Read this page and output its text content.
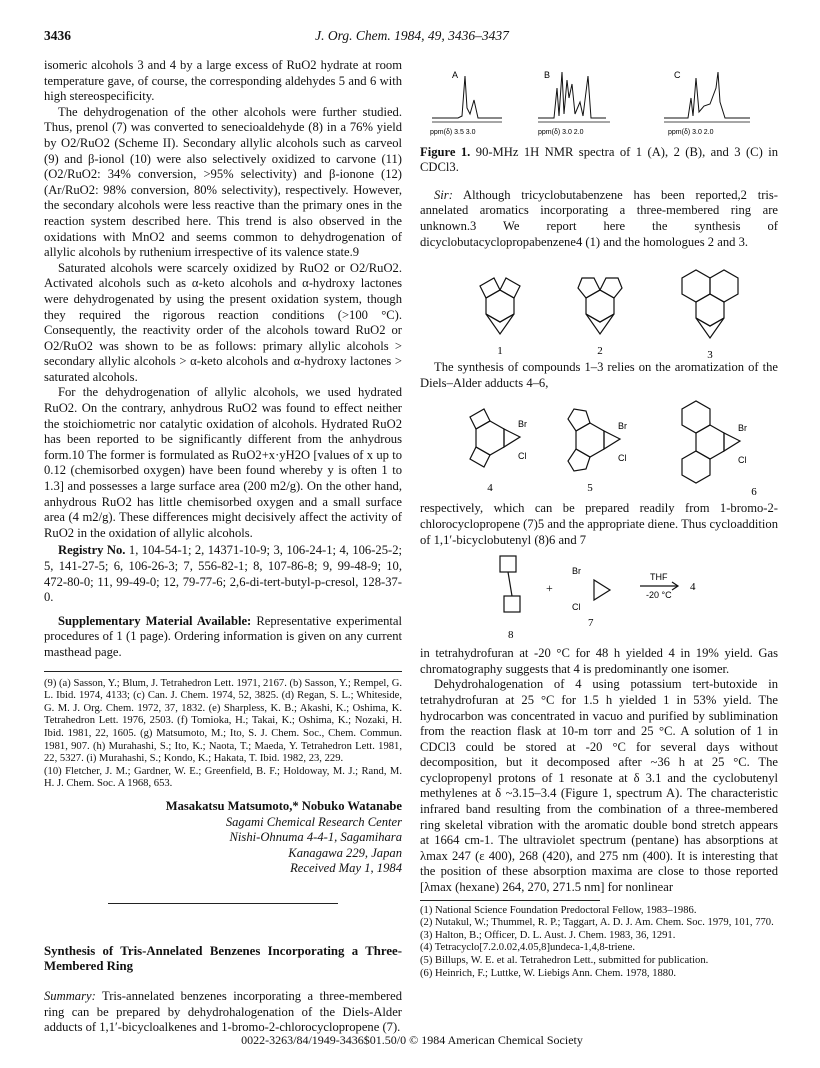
3436	J. Org. Chem. 1984, 49, 3436–3437

isomeric alcohols 3 and 4 by a large excess of RuO2 hydrate at room temperature gave, of course, the corresponding aldehydes 5 and 6 with high stereospecificity.

The dehydrogenation of the other alcohols were further studied. Thus, prenol (7) was converted to senecioaldehyde (8) in a 76% yield by O2/RuO2 (Scheme II). Secondary allylic alcohols such as carveol (9) and β-ionol (10) were also selectively oxidized to carvone (11) (O2/RuO2: 34% conversion, >95% selectivity) and β-ionone (12) (Ar/RuO2: 98% conversion, 80% selectivity), respectively. However, the secondary alcohols were less reactive than the primary ones in the reaction system described here. This trend is also observed in the oxidations with MnO2 and seems common to dehydrogenation of allylic alcohols by ruthenium irrespective of its valence state.9

Saturated alcohols were scarcely oxidized by RuO2 or O2/RuO2. Activated alcohols such as α-keto alcohols and α-hydroxy lactones were dehydrogenated by using the present oxidation system, though they required the rigorous reaction conditions (>100 °C). Consequently, the reactivity order of the alcohols toward RuO2 or O2/RuO2 was shown to be as follows: primary allylic alcohols > secondary allylic alcohols > α-keto alcohols and α-hydroxy lactones > saturated alcohols.

For the dehydrogenation of allylic alcohols, we used hydrated RuO2. On the contrary, anhydrous RuO2 was found to effect neither the stoichiometric nor catalytic oxidation of alcohols. Hydrated RuO2 has been reported to be significantly different from the anhydrous form.10 The former is formulated as RuO2+x·yH2O [values of x up to 0.12 (chemisorbed oxygen) have been found whereby y is often 1 to 1.3] and possesses a large surface area (200 m2/g). On the other hand, anhydrous RuO2 has little chemisorbed oxygen and a small surface area (4 m2/g). These differences might decisively affect the activity of RuO2 in the oxidation of allylic alcohols.

Registry No. 1, 104-54-1; 2, 14371-10-9; 3, 106-24-1; 4, 106-25-2; 5, 141-27-5; 6, 106-26-3; 7, 556-82-1; 8, 107-86-8; 9, 99-48-9; 10, 472-80-0; 11, 99-49-0; 12, 79-77-6; 2,6-di-tert-butyl-p-cresol, 128-37-0.

Supplementary Material Available: Representative experimental procedures of 1 (1 page). Ordering information is given on any current masthead page.

(9) (a) Sasson, Y.; Blum, J. Tetrahedron Lett. 1971, 2167. (b) Sasson, Y.; Rempel, G. L. Ibid. 1974, 4133; (c) Can. J. Chem. 1974, 52, 3825. (d) Regan, S. L.; Whiteside, G. M. J. Org. Chem. 1972, 37, 1832. (e) Sharpless, K. B.; Akashi, K.; Oshima, K. Tetrahedron Lett. 1976, 2503. (f) Tomioka, H.; Takai, K.; Oshima, K.; Nozaki, H. Ibid. 1981, 22, 1605. (g) Matsumoto, M.; Ito, S. J. Chem. Soc., Chem. Commun. 1981, 907. (h) Murahashi, S.; Ito, K.; Naota, T.; Maeda, Y. Tetrahedron Lett. 1981, 22, 5327. (i) Murahashi, S.; Kondo, K.; Hakata, T. Ibid. 1982, 23, 229.

(10) Fletcher, J. M.; Gardner, W. E.; Greenfield, B. F.; Holdoway, M. J.; Rand, M. H. J. Chem. Soc. A 1968, 653.

Masakatsu Matsumoto,* Nobuko Watanabe
Sagami Chemical Research Center
Nishi-Ohnuma 4-4-1, Sagamihara
Kanagawa 229, Japan
Received May 1, 1984

Synthesis of Tris-Annelated Benzenes Incorporating a Three-Membered Ring

Summary: Tris-annelated benzenes incorporating a three-membered ring can be prepared by dehydrohalogenation of the Diels-Alder adducts of 1,1′-bicycloalkenes and 1-bromo-2-chlorocyclopropene (7).

A
ppm(δ) 3.5 3.0
B
ppm(δ) 3.0 2.0
C
ppm(δ) 3.0 2.0

Figure 1. 90-MHz 1H NMR spectra of 1 (A), 2 (B), and 3 (C) in CDCl3.

Sir: Although tricyclobutabenzene has been reported,2 tris-annelated aromatics incorporating a three-membered ring are unknown.3 We report here the synthesis of dicyclobutacyclopropabenzene4 (1) and the homologues 2 and 3.

1	2	3

The synthesis of compounds 1–3 relies on the aromatization of the Diels–Alder adducts 4–6,

Br
Cl
Br
Cl
Br
Cl
4	5	6

respectively, which can be prepared readily from 1-bromo-2-chlorocyclopropene (7)5 and the appropriate diene. Thus cycloaddition of 1,1′-bicyclobutenyl (8)6 and 7

+
Br
Cl
THF
-20 °C
4
7
8

in tetrahydrofuran at -20 °C for 48 h yielded 4 in 19% yield. Gas chromatography suggests that 4 is predominantly one isomer.

Dehydrohalogenation of 4 using potassium tert-butoxide in tetrahydrofuran at 25 °C for 1.5 h yielded 1 in 53% yield. The hydrocarbon was concentrated in vacuo and purified by sublimination from the reaction flask at 10-m torr and 25 °C. A solution of 1 in CDCl3 could be stored at -20 °C for several days without decomposition, but it decomposed after ~36 h at 25 °C. The cyclopropenyl protons of 1 resonate at δ 3.1 and the cyclobutenyl methylenes at δ ~3.15–3.4 (Figure 1, spectrum A). The characteristic infrared band resulting from the combination of a three-membered ring skeletal vibration with the aromatic double bond stretch appears at 1664 cm-1. The ultraviolet spectrum (pentane) has absorptions at λmax 247 (ε 400), 268 (420), and 275 nm (400). It is interesting that the position of these absorption maxima are close to those reported [λmax (hexane) 264, 270, 271.5 nm] for nonlinear

(1) National Science Foundation Predoctoral Fellow, 1983–1986.

(2) Nutakul, W.; Thummel, R. P.; Taggart, A. D. J. Am. Chem. Soc. 1979, 101, 770.

(3) Halton, B.; Officer, D. L. Aust. J. Chem. 1983, 36, 1291.

(4) Tetracyclo[7.2.0.02,4.05,8]undeca-1,4,8-triene.

(5) Billups, W. E. et al. Tetrahedron Lett., submitted for publication.

(6) Heinrich, F.; Luttke, W. Liebigs Ann. Chem. 1978, 1880.

0022-3263/84/1949-3436$01.50/0 © 1984 American Chemical Society
